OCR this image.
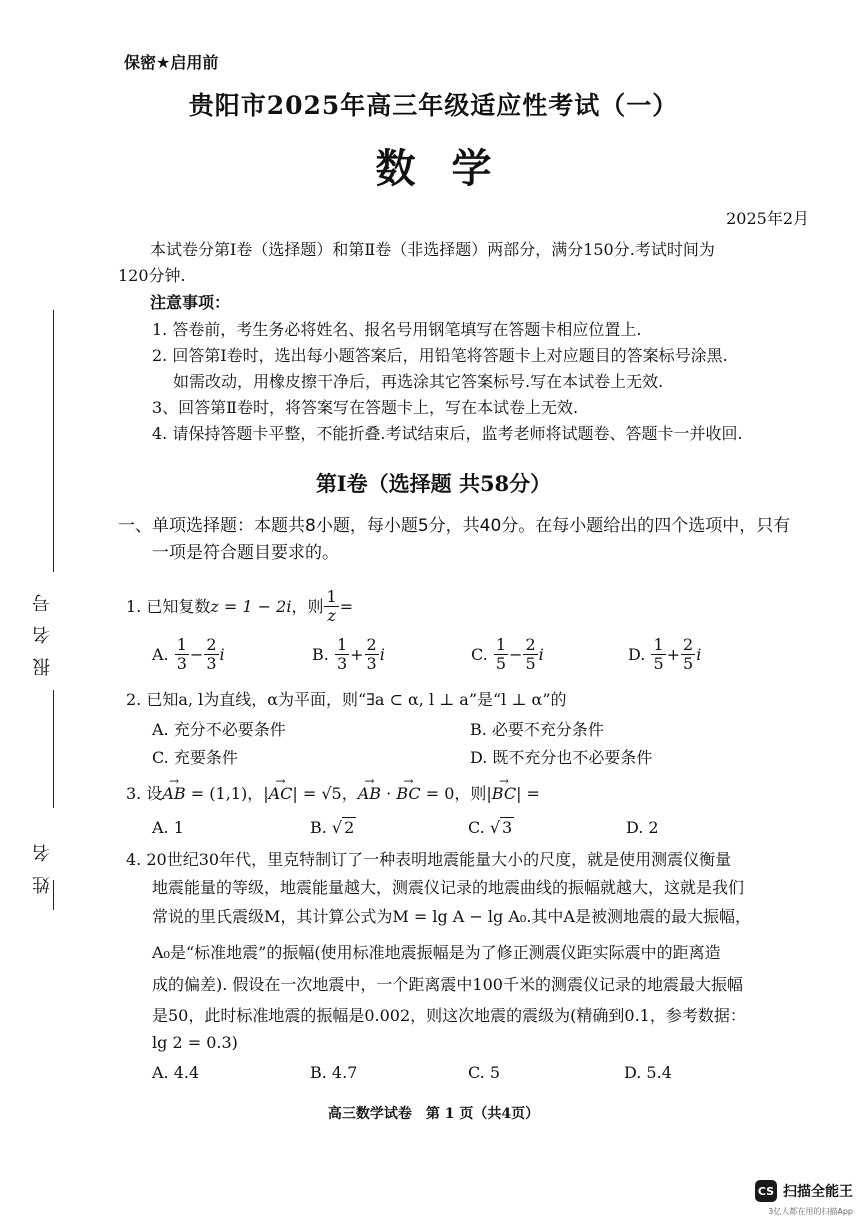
报名号
姓名
保密★启用前
贵阳市2025年高三年级适应性考试（一）
数学
2025年2月
本试卷分第Ⅰ卷（选择题）和第Ⅱ卷（非选择题）两部分，满分150分.考试时间为
120分钟.
注意事项：
1. 答卷前，考生务必将姓名、报名号用钢笔填写在答题卡相应位置上.
2. 回答第Ⅰ卷时，选出每小题答案后，用铅笔将答题卡上对应题目的答案标号涂黑.
如需改动，用橡皮擦干净后，再选涂其它答案标号.写在本试卷上无效.
3、回答第Ⅱ卷时，将答案写在答题卡上，写在本试卷上无效.
4. 请保持答题卡平整，不能折叠.考试结束后，监考老师将试题卷、答题卡一并收回.
第Ⅰ卷（选择题 共58分）
一、单项选择题：本题共8小题，每小题5分，共40分。在每小题给出的四个选项中，只有
一项是符合题目要求的。
1.
已知复数 z = 1 − 2i ，则 $\frac{1}{z}$ =
A.
$\frac{1}{3} - \frac{2}{3}$ i	B.
$\frac{1}{3} + \frac{2}{3}$ i	C.
$\frac{1}{5} - \frac{2}{5}$ i	D.
$\frac{1}{5} + \frac{2}{5}$ i
2. 已知a, l为直线，α为平面，则“∃a ⊂ α, l ⊥ a”是“l ⊥ α”的
A. 充分不必要条件	B. 必要不充分条件
C. 充要条件	D. 既不充分也不必要条件
3. 设→ AB = (1,1)，|→ AC| = √5，→ AB · → BC = 0，则|→ BC| =
A. 1	B. √ 2	C. √ 3	D. 2
4. 20世纪30年代，里克特制订了一种表明地震能量大小的尺度，就是使用测震仪衡量
地震能量的等级，地震能量越大，测震仪记录的地震曲线的振幅就越大，这就是我们
常说的里氏震级M，其计算公式为M = lg A − lg A₀.其中A是被测地震的最大振幅，
A₀是“标准地震”的振幅(使用标准地震振幅是为了修正测震仪距实际震中的距离造
成的偏差). 假设在一次地震中，一个距离震中100千米的测震仪记录的地震最大振幅
是50，此时标准地震的振幅是0.002，则这次地震的震级为(精确到0.1，参考数据：
lg 2 = 0.3)
A. 4.4	B. 4.7	C. 5	D. 5.4
高三数学试卷　第 1 页（共4页）
CS 扫描全能王
3亿人都在用的扫描App
